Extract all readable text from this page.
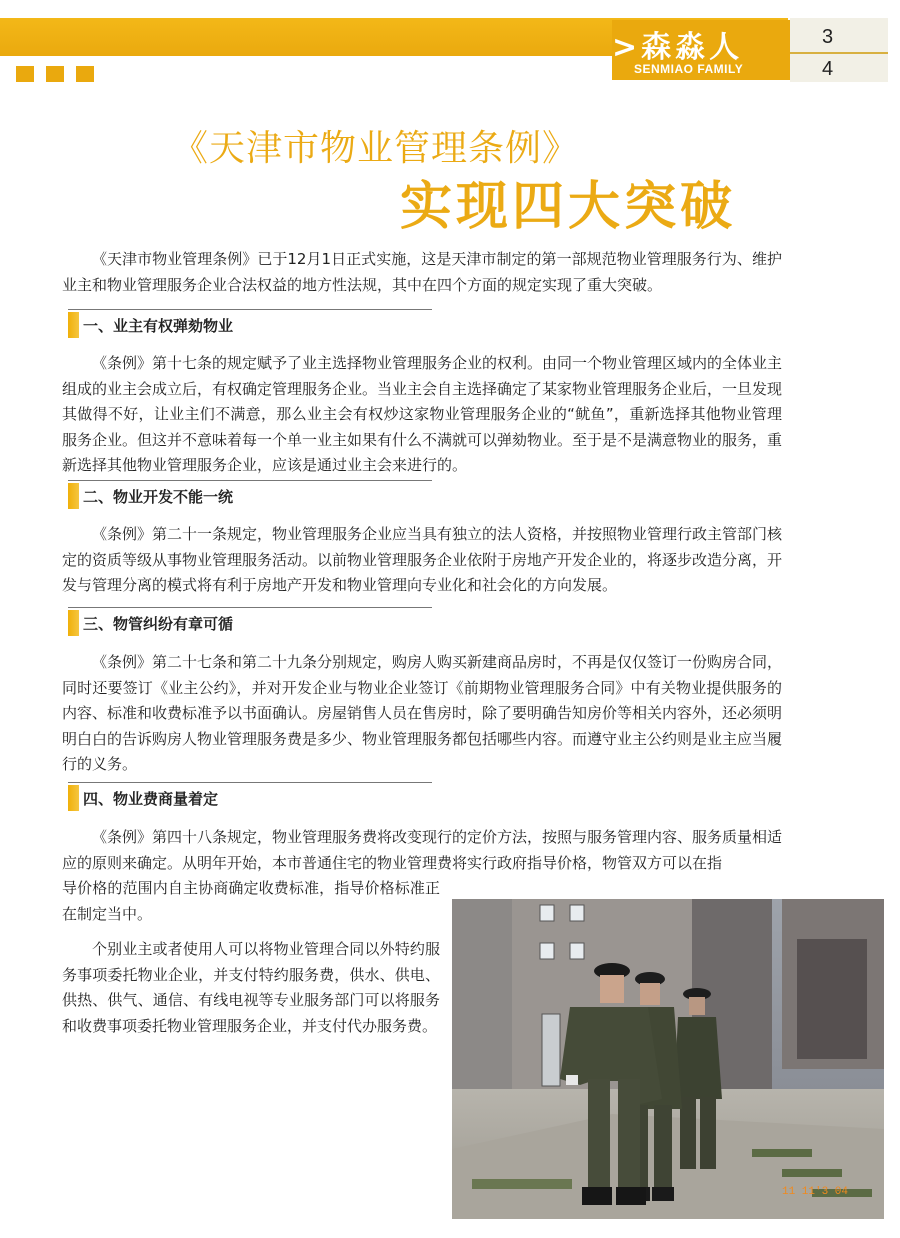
>森淼人
SENMIAO FAMILY
3
4
《天津市物业管理条例》
实现四大突破

《天津市物业管理条例》已于12月1日正式实施，这是天津市制定的第一部规范物业管理服务行为、维护业主和物业管理服务企业合法权益的地方性法规，其中在四个方面的规定实现了重大突破。

一、业主有权弹劾物业

《条例》第十七条的规定赋予了业主选择物业管理服务企业的权利。由同一个物业管理区域内的全体业主组成的业主会成立后，有权确定管理服务企业。当业主会自主选择确定了某家物业管理服务企业后，一旦发现其做得不好，让业主们不满意，那么业主会有权炒这家物业管理服务企业的“鱿鱼”，重新选择其他物业管理服务企业。但这并不意味着每一个单一业主如果有什么不满就可以弹劾物业。至于是不是满意物业的服务，重新选择其他物业管理服务企业，应该是通过业主会来进行的。

二、物业开发不能一统

《条例》第二十一条规定，物业管理服务企业应当具有独立的法人资格，并按照物业管理行政主管部门核定的资质等级从事物业管理服务活动。以前物业管理服务企业依附于房地产开发企业的，将逐步改造分离，开发与管理分离的模式将有利于房地产开发和物业管理向专业化和社会化的方向发展。

三、物管纠纷有章可循

《条例》第二十七条和第二十九条分别规定，购房人购买新建商品房时，不再是仅仅签订一份购房合同，同时还要签订《业主公约》，并对开发企业与物业企业签订《前期物业管理服务合同》中有关物业提供服务的内容、标准和收费标准予以书面确认。房屋销售人员在售房时，除了要明确告知房价等相关内容外，还必须明明白白的告诉购房人物业管理服务费是多少、物业管理服务都包括哪些内容。而遵守业主公约则是业主应当履行的义务。

四、物业费商量着定

《条例》第四十八条规定，物业管理服务费将改变现行的定价方法，按照与服务管理内容、服务质量相适应的原则来确定。从明年开始，本市普通住宅的物业管理费将实行政府指导价格，物管双方可以在指

导价格的范围内自主协商确定收费标准，指导价格标准正在制定当中。

个别业主或者使用人可以将物业管理合同以外特约服务事项委托物业企业，并支付特约服务费，供水、供电、供热、供气、通信、有线电视等专业服务部门可以将服务和收费事项委托物业管理服务企业，并支付代办服务费。

11 11'3 04
